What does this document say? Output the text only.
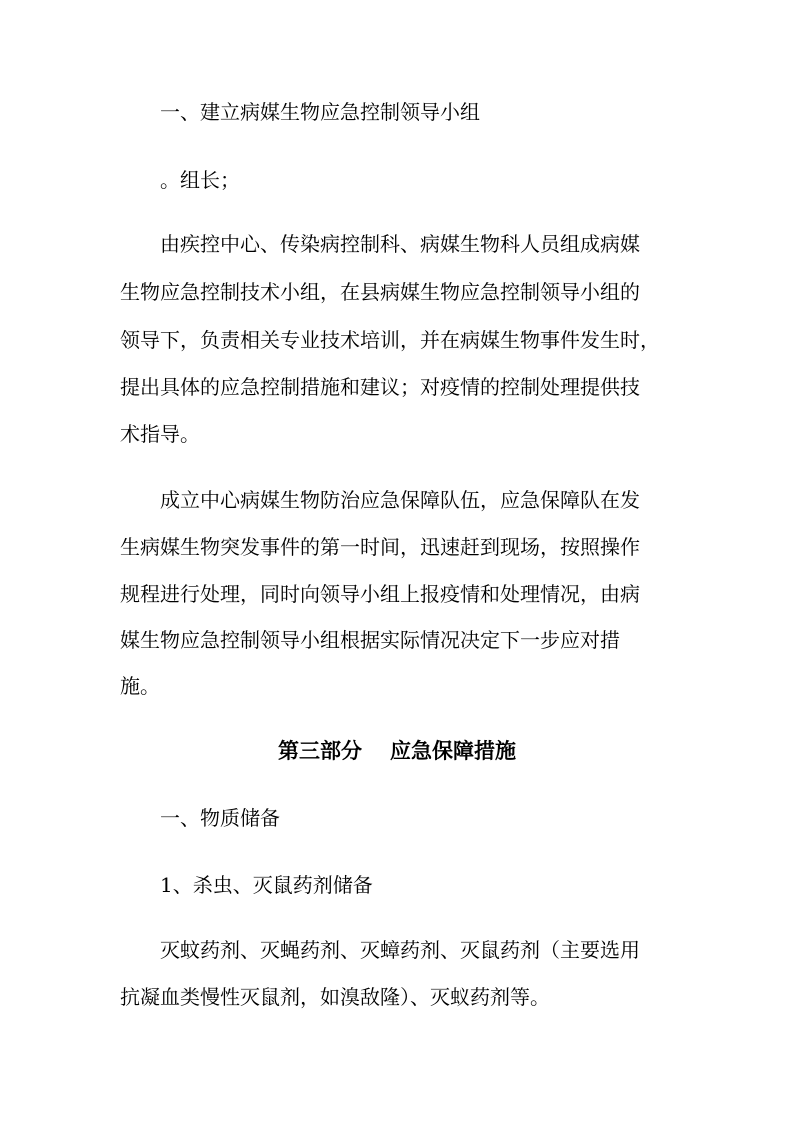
一、建立病媒生物应急控制领导小组

。组长；

由疾控中心、传染病控制科、病媒生物科人员组成病媒

生物应急控制技术小组，在县病媒生物应急控制领导小组的

领导下，负责相关专业技术培训，并在病媒生物事件发生时，

提出具体的应急控制措施和建议；对疫情的控制处理提供技

术指导。

成立中心病媒生物防治应急保障队伍，应急保障队在发

生病媒生物突发事件的第一时间，迅速赶到现场，按照操作

规程进行处理，同时向领导小组上报疫情和处理情况，由病

媒生物应急控制领导小组根据实际情况决定下一步应对措

施。

第三部分 应急保障措施

一、物质储备

1、杀虫、灭鼠药剂储备

灭蚊药剂、灭蝇药剂、灭蟑药剂、灭鼠药剂（主要选用

抗凝血类慢性灭鼠剂，如溴敌隆）、灭蚁药剂等。
